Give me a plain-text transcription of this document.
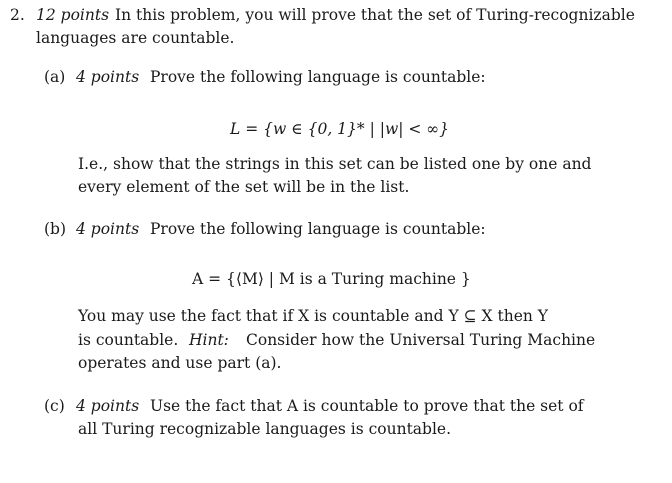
2. 12 points In this problem, you will prove that the set of Turing-recognizable
languages are countable.
(a) 4 points Prove the following language is countable:
L = {w ∈ {0, 1}* | |w| < ∞}
I.e., show that the strings in this set can be listed one by one and
every element of the set will be in the list.
(b) 4 points Prove the following language is countable:
A = {⟨M⟩ | M is a Turing machine }
You may use the fact that if X is countable and Y ⊆ X then Y
is countable. Hint: Consider how the Universal Turing Machine
operates and use part (a).
(c) 4 points Use the fact that A is countable to prove that the set of
all Turing recognizable languages is countable.
